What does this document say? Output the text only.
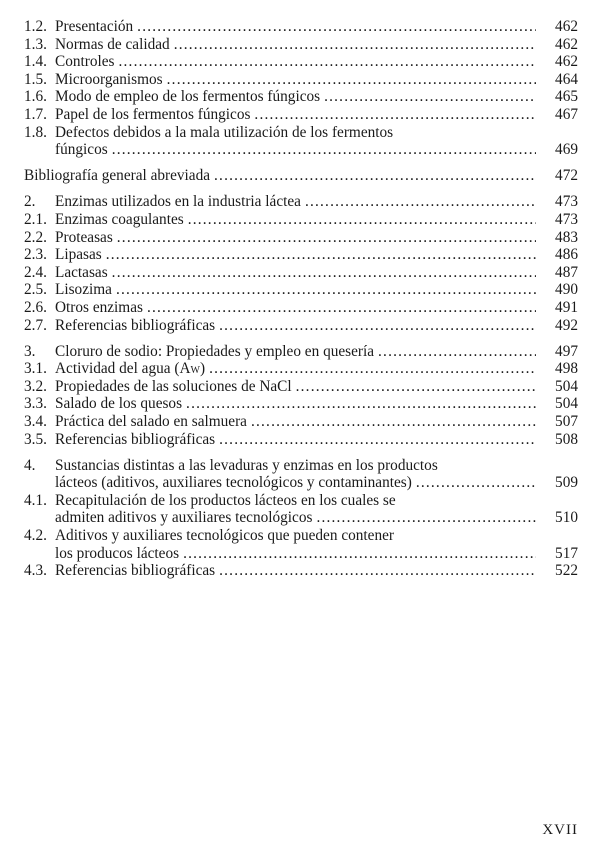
1.2. Presentación .....	462
1.3. Normas de calidad .....	462
1.4. Controles .....	462
1.5. Microorganismos .....	464
1.6. Modo de empleo de los fermentos fúngicos .....	465
1.7. Papel de los fermentos fúngicos .....	467
1.8. Defectos debidos a la mala utilización de los fermentos
fúngicos .....	469
Bibliografía general abreviada .....	472
2.	Enzimas utilizados en la industria láctea .....	473
2.1. Enzimas coagulantes .....	473
2.2. Proteasas .....	483
2.3. Lipasas .....	486
2.4. Lactasas .....	487
2.5. Lisozima .....	490
2.6. Otros enzimas .....	491
2.7. Referencias bibliográficas .....	492
3.	Cloruro de sodio: Propiedades y empleo en quesería .....	497
3.1. Actividad del agua (A W ) .....	498
3.2. Propiedades de las soluciones de NaCl .....	504
3.3. Salado de los quesos .....	504
3.4. Práctica del salado en salmuera .....	507
3.5. Referencias bibliográficas .....	508
4.	Sustancias distintas a las levaduras y enzimas en los productos
lácteos (aditivos, auxiliares tecnológicos y contaminantes) .....	509
4.1. Recapitulación de los productos lácteos en los cuales se
admiten aditivos y auxiliares tecnológicos .....	510
4.2. Aditivos y auxiliares tecnológicos que pueden contener
los producos lácteos .....	517
4.3. Referencias bibliográficas .....	522
XVII
